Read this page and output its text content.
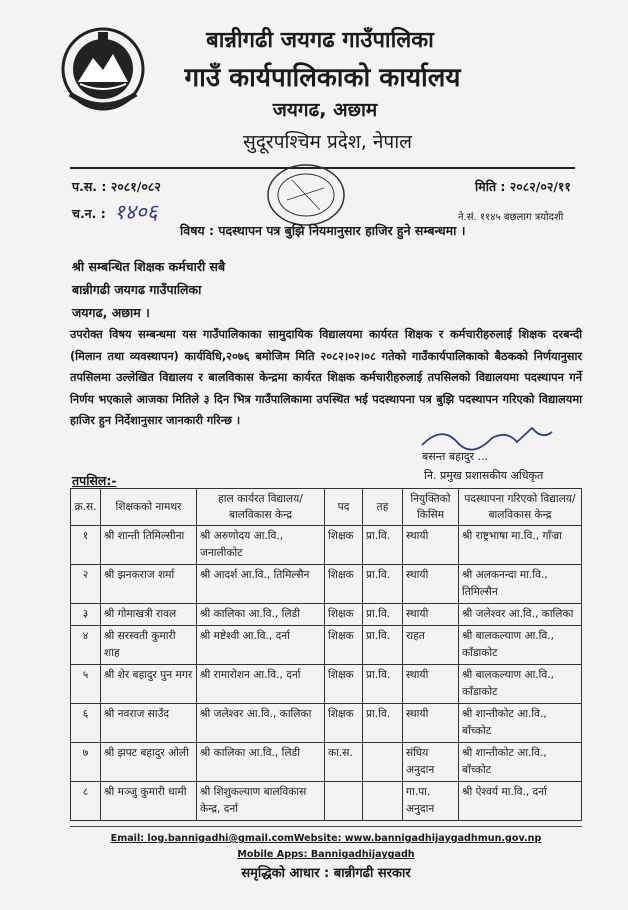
बान्नीगढी जयगढ गाउँपालिका
गाउँ कार्यपालिकाको कार्यालय
जयगढ, अछाम
सुदूरपश्चिम प्रदेश, नेपाल
प.स. : २०८१/०८२	मिति : २०८२/०२/११
च.न. : १४०६	ने.सं. ११४५ बछलाग त्रयोदशी
विषय : पदस्थापन पत्र बुझि नियमानुसार हाजिर हुने सम्बन्धमा ।
श्री सम्बन्धित शिक्षक कर्मचारी सबै
बान्नीगढी जयगढ गाउँपालिका
जयगढ, अछाम ।
उपरोक्त विषय सम्बन्धमा यस गाउँपालिकाका सामुदायिक विद्यालयमा कार्यरत शिक्षक र कर्मचारीहरुलाई शिक्षक दरबन्दी (मिलान तथा व्यवस्थापन) कार्यविधि,२०७६ बमोजिम मिति २०८२।०२।०८ गतेको गाउँकार्यपालिकाको बैठकको निर्णयानुसार तपसिलमा उल्लेखित विद्यालय र बालविकास केन्द्रमा कार्यरत शिक्षक कर्मचारीहरुलाई तपसिलको विद्यालयमा पदस्थापन गर्ने निर्णय भएकाले आजका मितिले ३ दिन भित्र गाउँपालिकामा उपस्थित भई पदस्थापना पत्र बुझि पदस्थापन गरिएको विद्यालयमा हाजिर हुन निर्देशानुसार जानकारी गरिन्छ ।
बसन्त बहादुर ...
नि. प्रमुख प्रशासकीय अधिकृत
तपसिल:-
क्र.स.	शिक्षकको नामथर	हाल कार्यरत विद्यालय/ बालविकास केन्द्र	पद	तह	नियुक्तिको किसिम	पदस्थापना गरिएको विद्यालय/ बालविकास केन्द्र
१	श्री शान्ती तिमिल्सीना	श्री अरुणोदय आ.वि., जनालीकोट	शिक्षक	प्रा.वि.	स्थायी	श्री राष्ट्रभाषा मा.वि., गाँज्रा
२	श्री झनकराज शर्मा	श्री आदर्श आ.वि., तिमिल्सैन	शिक्षक	प्रा.वि.	स्थायी	श्री अलकनन्दा मा.वि., तिमिल्सैन
३	श्री गोमाखत्री रावल	श्री कालिका आ.वि., लिडी	शिक्षक	प्रा.वि.	स्थायी	श्री जलेश्वर आ.वि., कालिका
४	श्री सरस्वती कुमारी शाह	श्री मष्टेश्वी आ.वि., दर्ना	शिक्षक	प्रा.वि.	राहत	श्री बालकल्याण आ.वि., काँडाकोट
५	श्री शेर बहादुर पुन मगर	श्री रामारोशन आ.वि., दर्ना	शिक्षक	प्रा.वि.	स्थायी	श्री बालकल्याण आ.वि., काँडाकोट
६	श्री नवराज साउँद	श्री जलेश्वर आ.वि., कालिका	शिक्षक	प्रा.वि.	स्थायी	श्री शान्तीकोट आ.वि., बाँच्कोट
७	श्री झपट बहादुर ओली	श्री कालिका आ.वि., लिडी	का.स.		संघिय अनुदान	श्री शान्तीकोट आ.वि., बाँच्कोट
८	श्री मञ्जु कुमारी धामी	श्री शिशुकल्याण बालविकास केन्द्र, दर्ना			गा.पा. अनुदान	श्री ऐश्वर्य मा.वि., दर्ना
Email: log.bannigadhi@gmail.comWebsite: www.bannigadhijaygadhmun.gov.np
Mobile Apps: Bannigadhijaygadh
समृद्धिको आधार : बान्नीगढी सरकार
